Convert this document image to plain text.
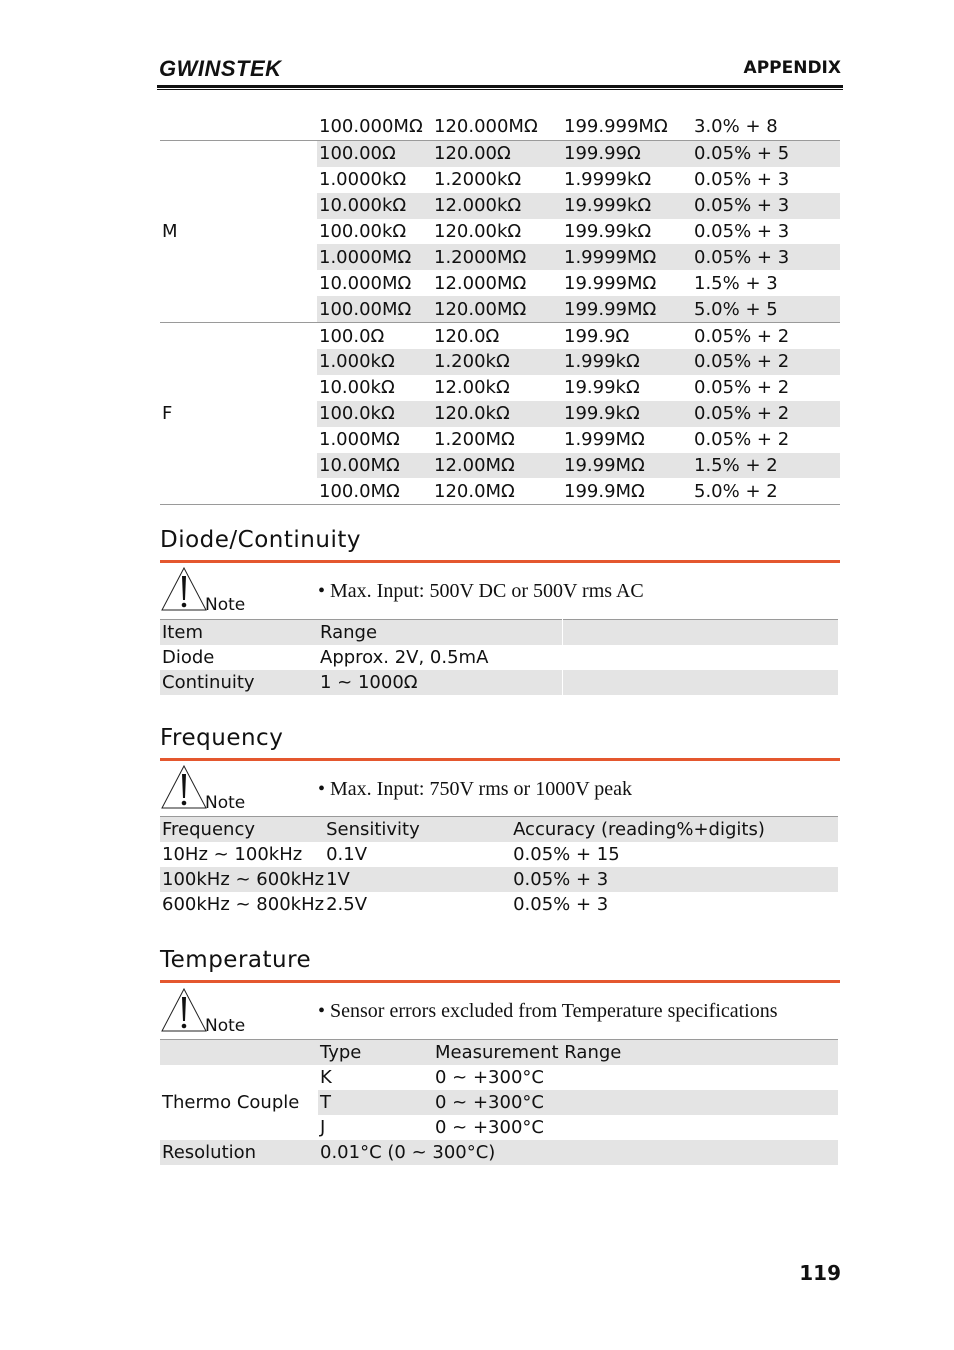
GWINSTEK	APPENDIX
	100.000MΩ	120.000MΩ	199.999MΩ	3.0% + 8
	100.00Ω	120.00Ω	199.99Ω	0.05% + 5
	1.0000kΩ	1.2000kΩ	1.9999kΩ	0.05% + 3
	10.000kΩ	12.000kΩ	19.999kΩ	0.05% + 3
M	100.00kΩ	120.00kΩ	199.99kΩ	0.05% + 3
	1.0000MΩ	1.2000MΩ	1.9999MΩ	0.05% + 3
	10.000MΩ	12.000MΩ	19.999MΩ	1.5% + 3
	100.00MΩ	120.00MΩ	199.99MΩ	5.0% + 5
	100.0Ω	120.0Ω	199.9Ω	0.05% + 2
	1.000kΩ	1.200kΩ	1.999kΩ	0.05% + 2
	10.00kΩ	12.00kΩ	19.99kΩ	0.05% + 2
F	100.0kΩ	120.0kΩ	199.9kΩ	0.05% + 2
	1.000MΩ	1.200MΩ	1.999MΩ	0.05% + 2
	10.00MΩ	12.00MΩ	19.99MΩ	1.5% + 2
	100.0MΩ	120.0MΩ	199.9MΩ	5.0% + 2
Diode/Continuity
Note
• Max. Input: 500V DC or 500V rms AC
Item	Range	
Diode	Approx. 2V, 0.5mA	
Continuity	1 ~ 1000Ω	
Frequency
Note
• Max. Input: 750V rms or 1000V peak
Frequency	Sensitivity	Accuracy (reading%+digits)
10Hz ~ 100kHz	0.1V	0.05% + 15
100kHz ~ 600kHz	1V	0.05% + 3
600kHz ~ 800kHz	2.5V	0.05% + 3
Temperature
Note
• Sensor errors excluded from Temperature specifications
	Type	Measurement Range
Thermo Couple	K	0 ~ +300°C
	T	0 ~ +300°C
	J	0 ~ +300°C
Resolution	0.01°C (0 ~ 300°C)	
119
